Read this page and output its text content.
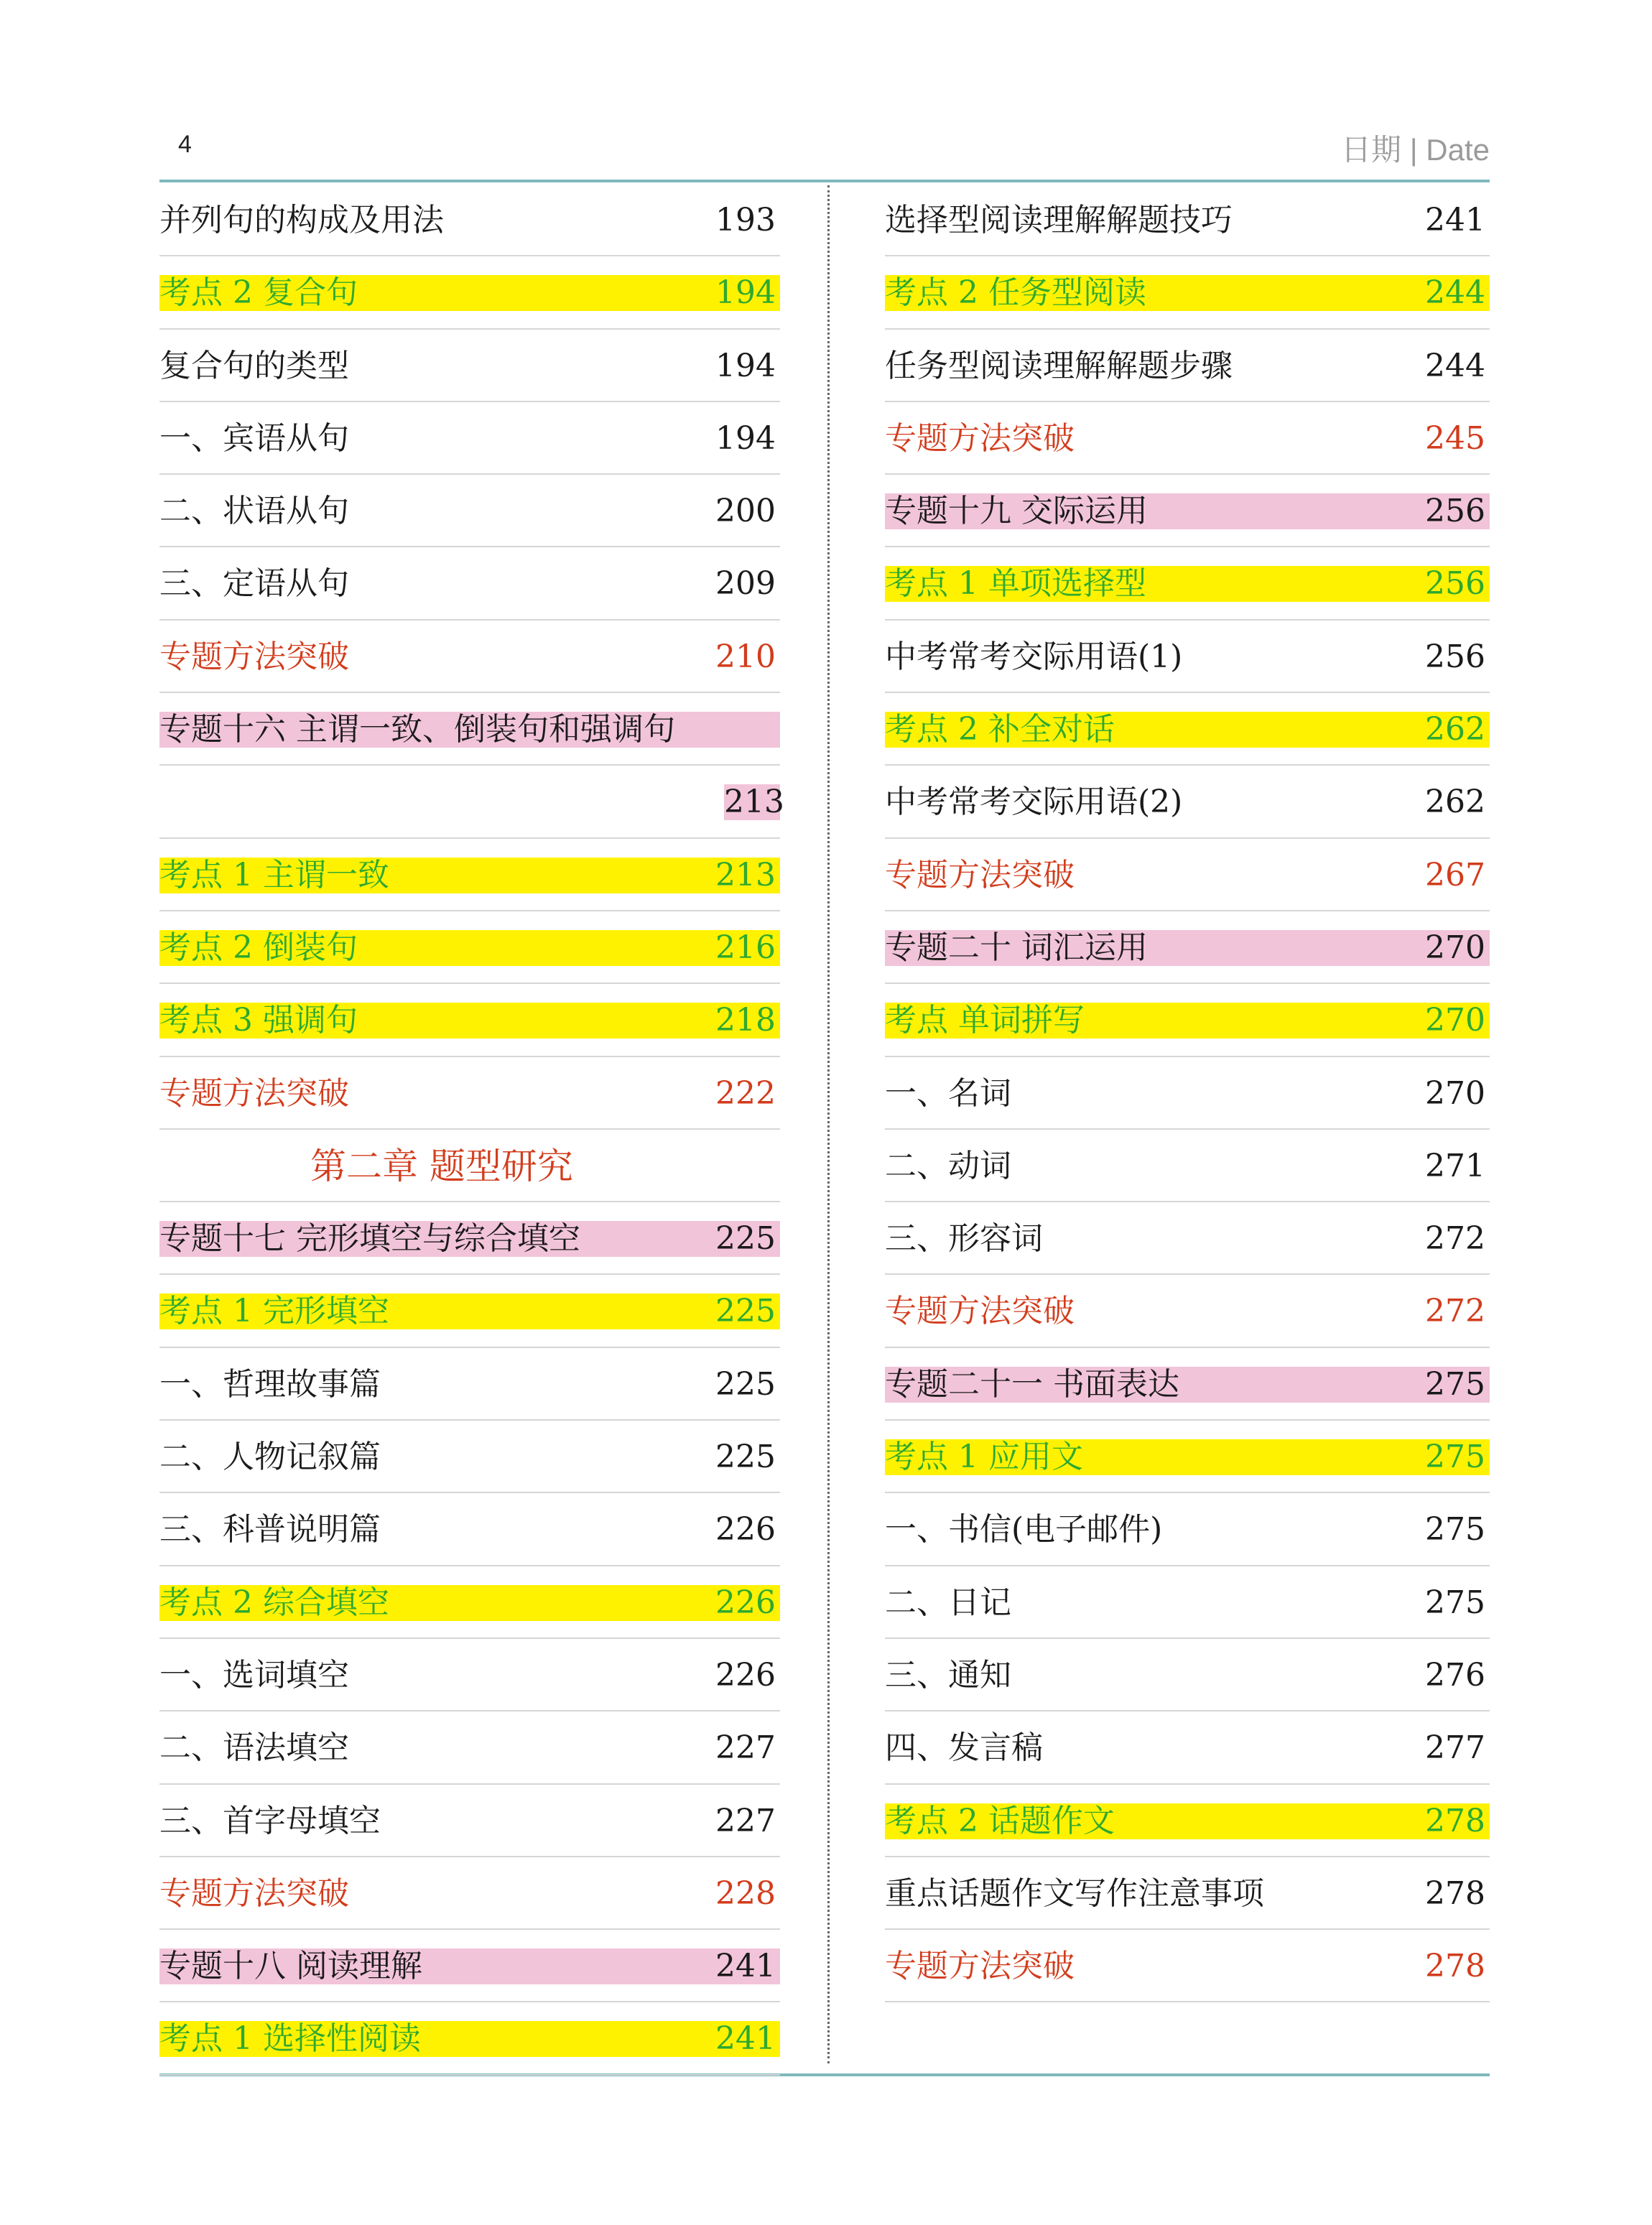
4	日期 | Date
并列句的构成及用法	193
考点 2 复合句	194
复合句的类型	194
一、宾语从句	194
二、状语从句	200
三、定语从句	209
专题方法突破	210
专题十六 主谓一致、倒装句和强调句
213
考点 1 主谓一致	213
考点 2 倒装句	216
考点 3 强调句	218
专题方法突破	222
第二章 题型研究
专题十七 完形填空与综合填空	225
考点 1 完形填空	225
一、哲理故事篇	225
二、人物记叙篇	225
三、科普说明篇	226
考点 2 综合填空	226
一、选词填空	226
二、语法填空	227
三、首字母填空	227
专题方法突破	228
专题十八 阅读理解	241
考点 1 选择性阅读	241
选择型阅读理解解题技巧	241
考点 2 任务型阅读	244
任务型阅读理解解题步骤	244
专题方法突破	245
专题十九 交际运用	256
考点 1 单项选择型	256
中考常考交际用语(1)	256
考点 2 补全对话	262
中考常考交际用语(2)	262
专题方法突破	267
专题二十 词汇运用	270
考点 单词拼写	270
一、名词	270
二、动词	271
三、形容词	272
专题方法突破	272
专题二十一 书面表达	275
考点 1 应用文	275
一、书信(电子邮件)	275
二、日记	275
三、通知	276
四、发言稿	277
考点 2 话题作文	278
重点话题作文写作注意事项	278
专题方法突破	278
